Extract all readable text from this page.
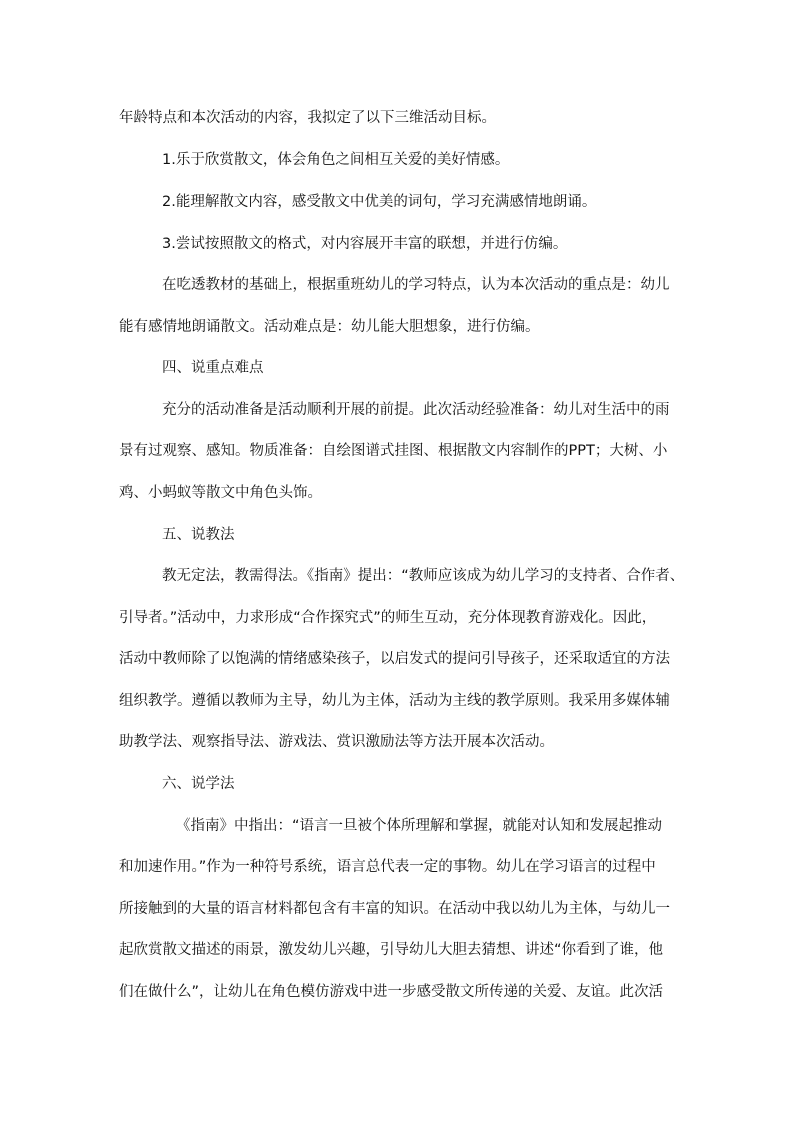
年龄特点和本次活动的内容，我拟定了以下三维活动目标。
1.乐于欣赏散文，体会角色之间相互关爱的美好情感。
2.能理解散文内容，感受散文中优美的词句，学习充满感情地朗诵。
3.尝试按照散文的格式，对内容展开丰富的联想，并进行仿编。
在吃透教材的基础上，根据重班幼儿的学习特点，认为本次活动的重点是：幼儿
能有感情地朗诵散文。活动难点是：幼儿能大胆想象，进行仿编。
四、说重点难点
充分的活动准备是活动顺利开展的前提。此次活动经验准备：幼儿对生活中的雨
景有过观察、感知。物质准备：自绘图谱式挂图、根据散文内容制作的PPT；大树、小
鸡、小蚂蚁等散文中角色头饰。
五、说教法
教无定法，教需得法。《指南》提出：“教师应该成为幼儿学习的支持者、合作者、
引导者。”活动中，力求形成“合作探究式”的师生互动，充分体现教育游戏化。因此，
活动中教师除了以饱满的情绪感染孩子，以启发式的提问引导孩子，还采取适宜的方法
组织教学。遵循以教师为主导，幼儿为主体，活动为主线的教学原则。我采用多媒体辅
助教学法、观察指导法、游戏法、赏识激励法等方法开展本次活动。
六、说学法
《指南》中指出：“语言一旦被个体所理解和掌握，就能对认知和发展起推动
和加速作用。”作为一种符号系统，语言总代表一定的事物。幼儿在学习语言的过程中
所接触到的大量的语言材料都包含有丰富的知识。在活动中我以幼儿为主体，与幼儿一
起欣赏散文描述的雨景，激发幼儿兴趣，引导幼儿大胆去猜想、讲述“你看到了谁，他
们在做什么”，让幼儿在角色模仿游戏中进一步感受散文所传递的关爱、友谊。此次活
